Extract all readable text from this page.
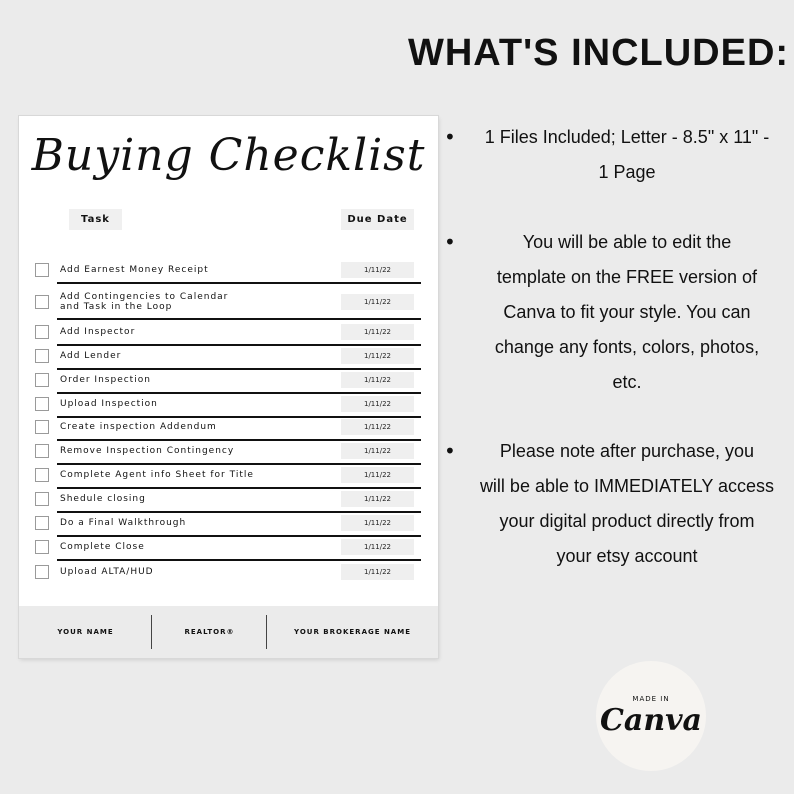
WHAT'S INCLUDED:
Buying Checklist
Task	Due Date
Add Earnest Money Receipt	1/11/22
Add Contingencies to Calendar
and Task in the Loop	1/11/22
Add Inspector	1/11/22
Add Lender	1/11/22
Order Inspection	1/11/22
Upload Inspection	1/11/22
Create inspection Addendum	1/11/22
Remove Inspection Contingency	1/11/22
Complete Agent info Sheet for Title	1/11/22
Shedule closing	1/11/22
Do a Final Walkthrough	1/11/22
Complete Close	1/11/22
Upload ALTA/HUD	1/11/22
YOUR NAME	REALTOR®	YOUR BROKERAGE NAME
•	1 Files Included; Letter - 8.5" x 11" -
1 Page
•	You will be able to edit the
template on the FREE version of
Canva to fit your style. You can
change any fonts, colors, photos,
etc.
•	Please note after purchase, you
will be able to IMMEDIATELY access
your digital product directly from
your etsy account
MADE IN
Canva
